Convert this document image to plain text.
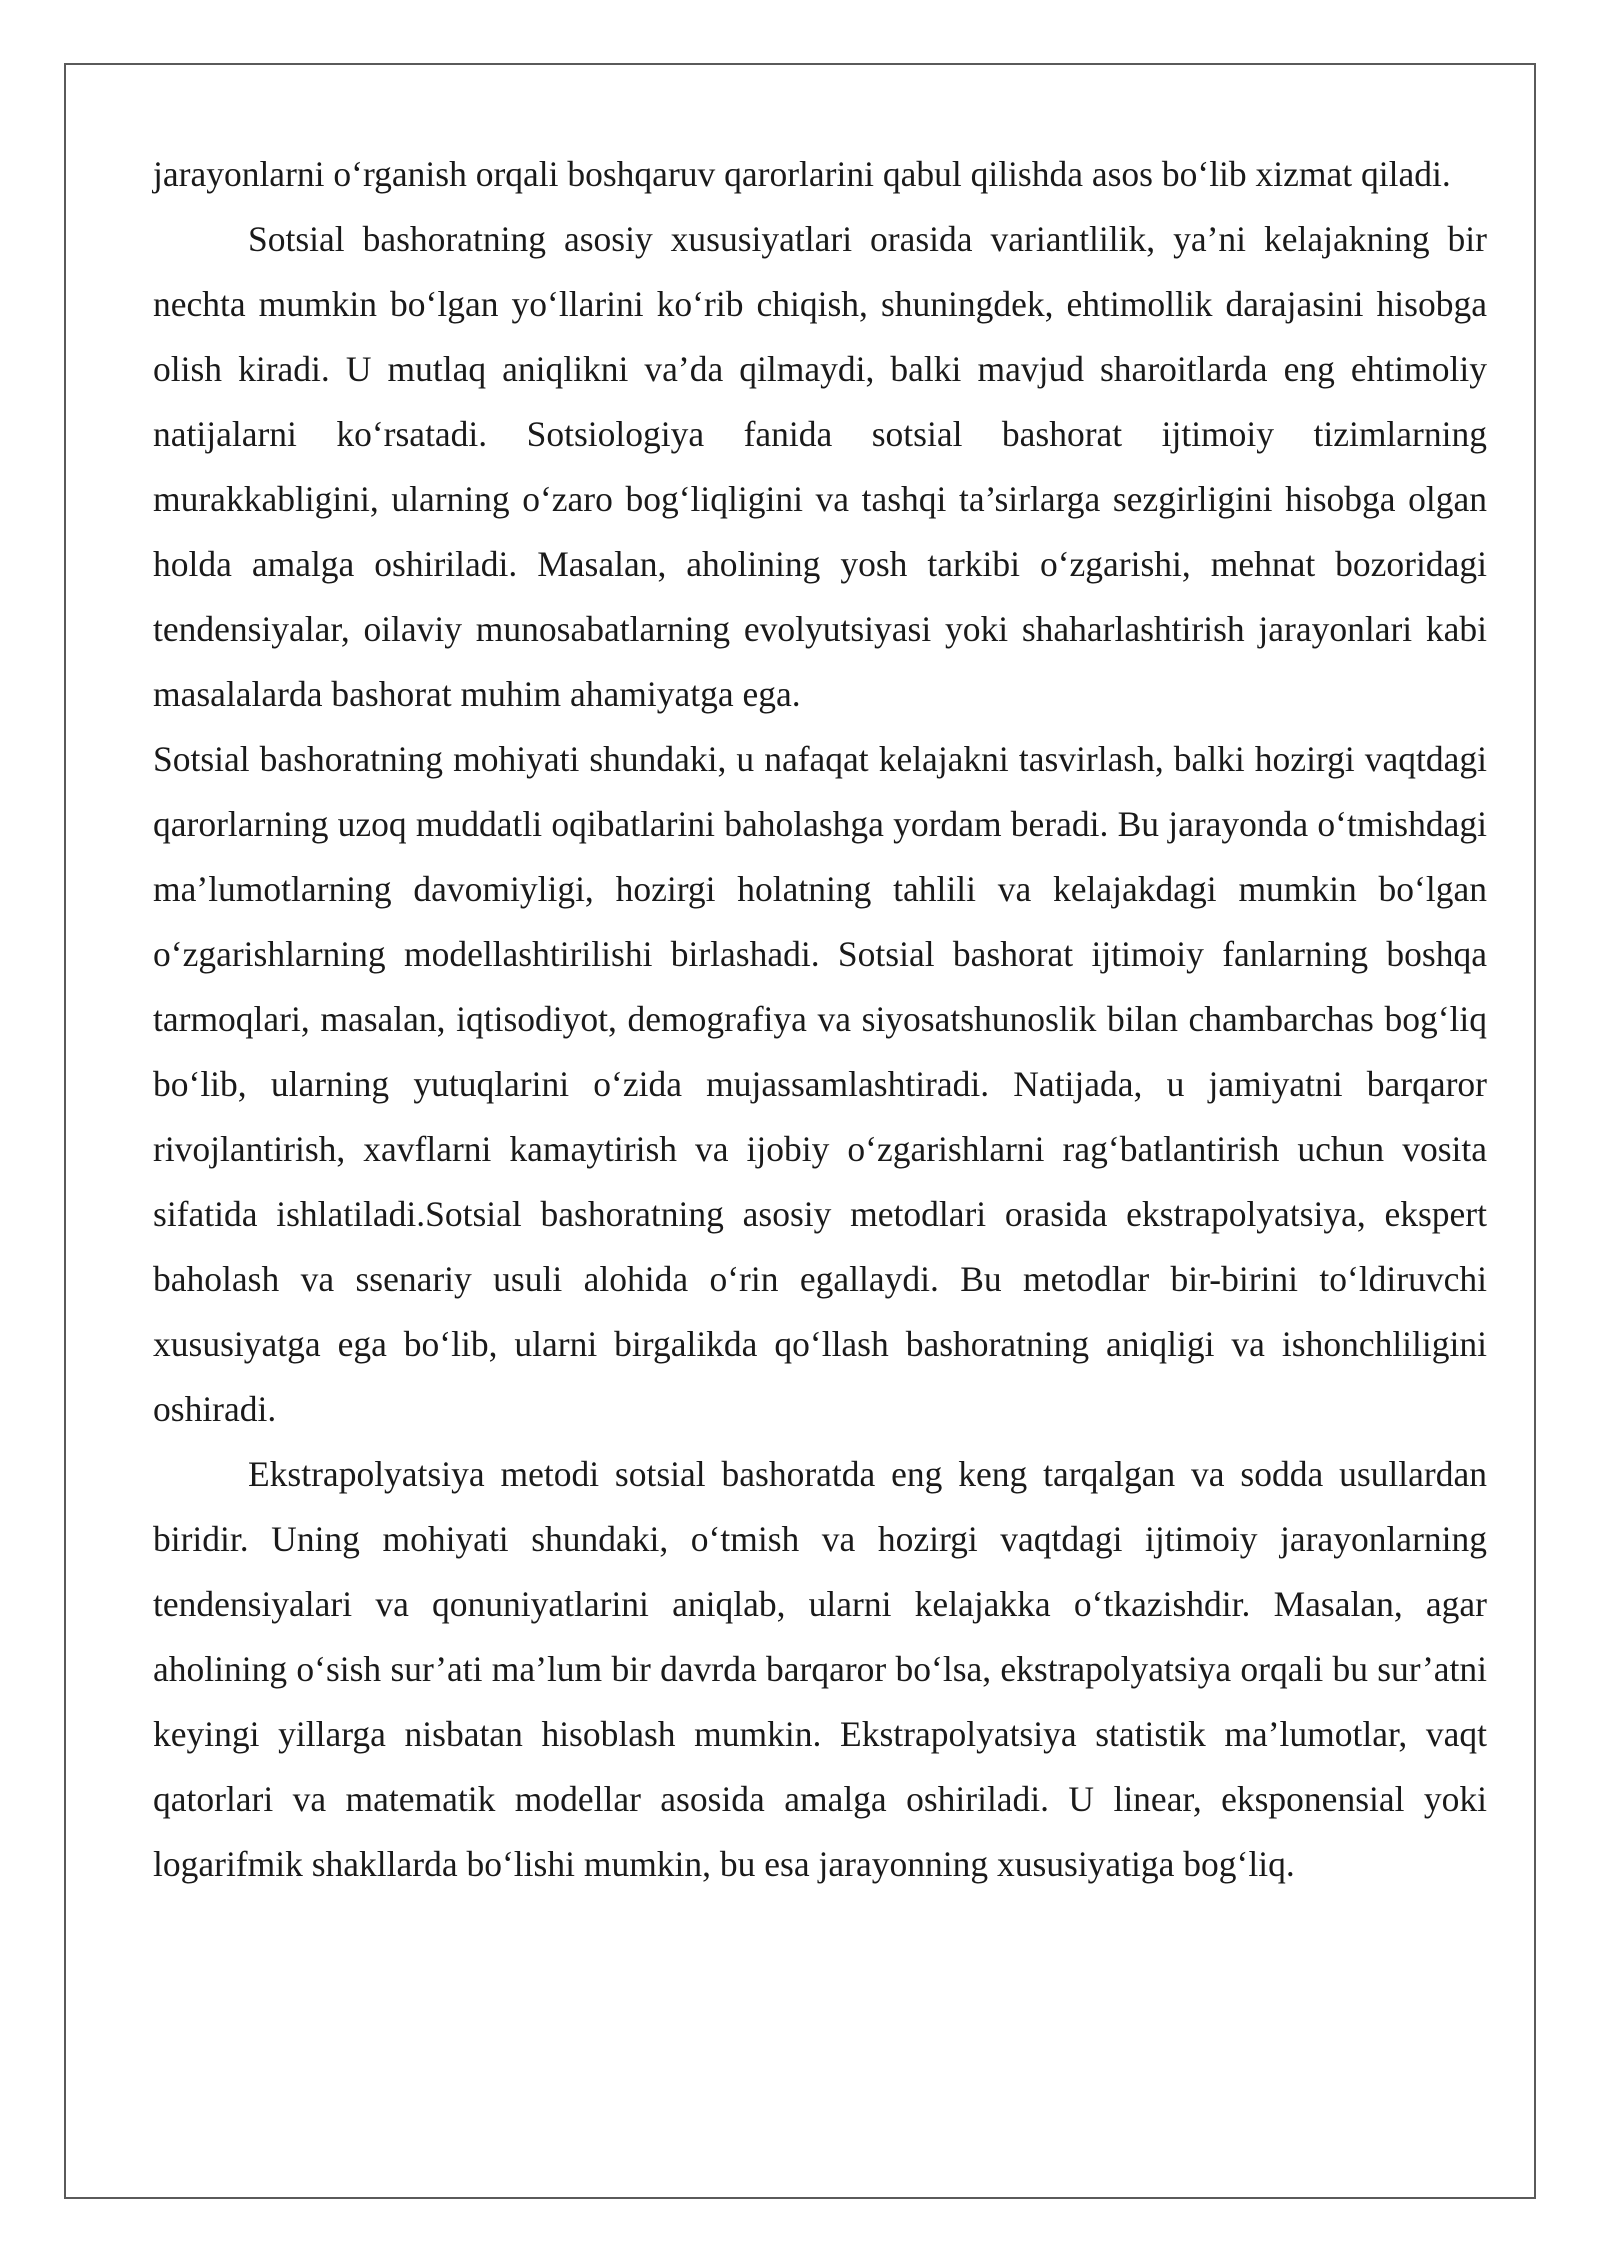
jarayonlarni o‘rganish orqali boshqaruv qarorlarini qabul qilishda asos bo‘lib xizmat qiladi.

Sotsial bashoratning asosiy xususiyatlari orasida variantlilik, ya’ni kelajakning bir nechta mumkin bo‘lgan yo‘llarini ko‘rib chiqish, shuningdek, ehtimollik darajasini hisobga olish kiradi. U mutlaq aniqlikni va’da qilmaydi, balki mavjud sharoitlarda eng ehtimoliy natijalarni ko‘rsatadi. Sotsiologiya fanida sotsial bashorat ijtimoiy tizimlarning murakkabligini, ularning o‘zaro bog‘liqligini va tashqi ta’sirlarga sezgirligini hisobga olgan holda amalga oshiriladi. Masalan, aholining yosh tarkibi o‘zgarishi, mehnat bozoridagi tendensiyalar, oilaviy munosabatlarning evolyutsiyasi yoki shaharlashtirish jarayonlari kabi masalalarda bashorat muhim ahamiyatga ega.

Sotsial bashoratning mohiyati shundaki, u nafaqat kelajakni tasvirlash, balki hozirgi vaqtdagi qarorlarning uzoq muddatli oqibatlarini baholashga yordam beradi. Bu jarayonda o‘tmishdagi ma’lumotlarning davomiyligi, hozirgi holatning tahlili va kelajakdagi mumkin bo‘lgan o‘zgarishlarning modellashtirilishi birlashadi. Sotsial bashorat ijtimoiy fanlarning boshqa tarmoqlari, masalan, iqtisodiyot, demografiya va siyosatshunoslik bilan chambarchas bog‘liq bo‘lib, ularning yutuqlarini o‘zida mujassamlashtiradi. Natijada, u jamiyatni barqaror rivojlantirish, xavflarni kamaytirish va ijobiy o‘zgarishlarni rag‘batlantirish uchun vosita sifatida ishlatiladi.Sotsial bashoratning asosiy metodlari orasida ekstrapolyatsiya, ekspert baholash va ssenariy usuli alohida o‘rin egallaydi. Bu metodlar bir-birini to‘ldiruvchi xususiyatga ega bo‘lib, ularni birgalikda qo‘llash bashoratning aniqligi va ishonchliligini oshiradi.

Ekstrapolyatsiya metodi sotsial bashoratda eng keng tarqalgan va sodda usullardan biridir. Uning mohiyati shundaki, o‘tmish va hozirgi vaqtdagi ijtimoiy jarayonlarning tendensiyalari va qonuniyatlarini aniqlab, ularni kelajakka o‘tkazishdir. Masalan, agar aholining o‘sish sur’ati ma’lum bir davrda barqaror bo‘lsa, ekstrapolyatsiya orqali bu sur’atni keyingi yillarga nisbatan hisoblash mumkin. Ekstrapolyatsiya statistik ma’lumotlar, vaqt qatorlari va matematik modellar asosida amalga oshiriladi. U linear, eksponensial yoki logarifmik shakllarda bo‘lishi mumkin, bu esa jarayonning xususiyatiga bog‘liq.
